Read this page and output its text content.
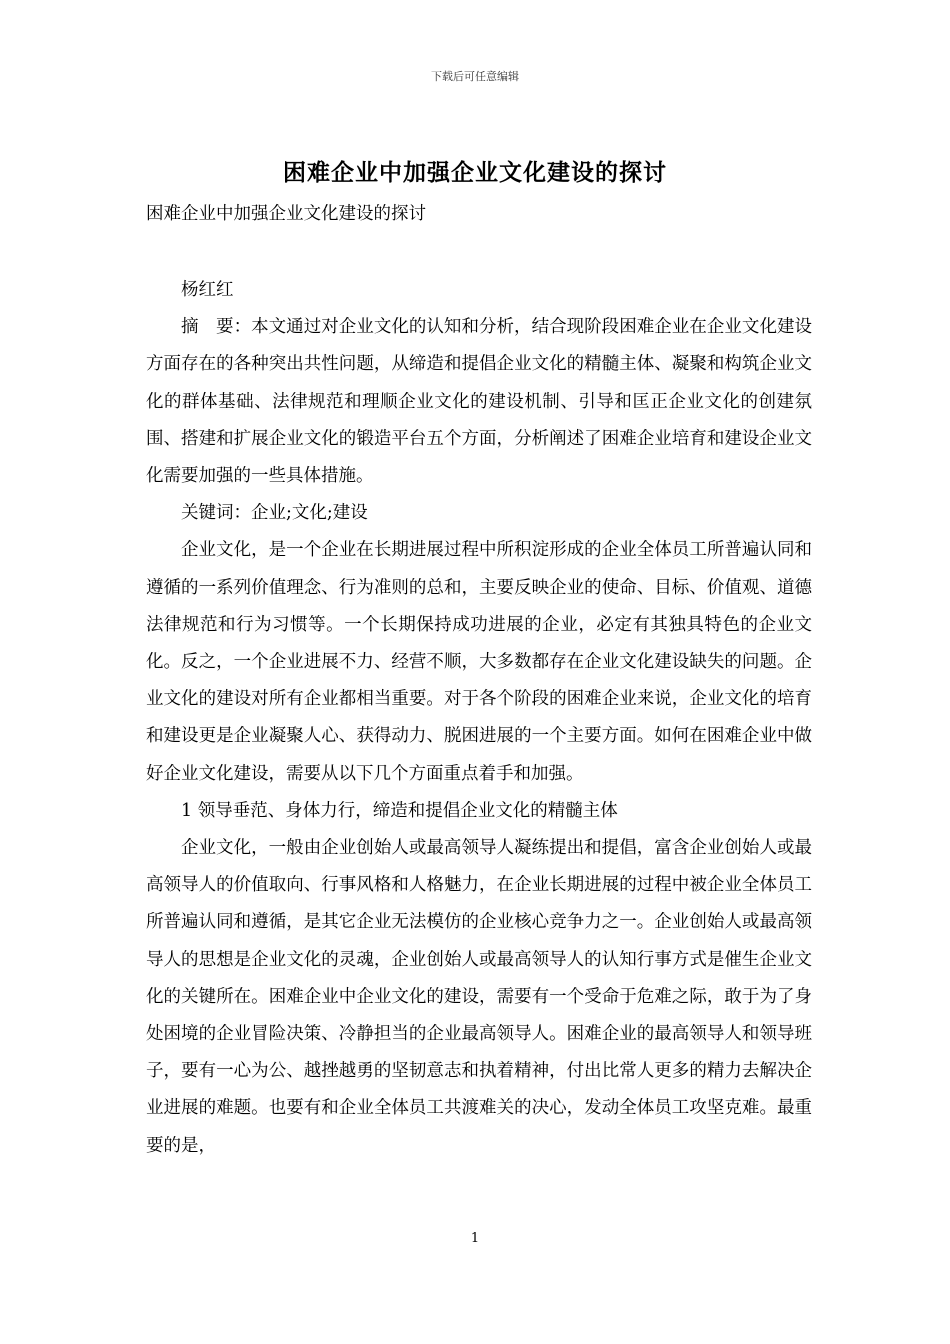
下载后可任意编辑
困难企业中加强企业文化建设的探讨
困难企业中加强企业文化建设的探讨

杨红红

摘　要：本文通过对企业文化的认知和分析，结合现阶段困难企业在企业文化建设方面存在的各种突出共性问题，从缔造和提倡企业文化的精髓主体、凝聚和构筑企业文化的群体基础、法律规范和理顺企业文化的建设机制、引导和匡正企业文化的创建氛围、搭建和扩展企业文化的锻造平台五个方面，分析阐述了困难企业培育和建设企业文化需要加强的一些具体措施。

关键词：企业;文化;建设

企业文化，是一个企业在长期进展过程中所积淀形成的企业全体员工所普遍认同和遵循的一系列价值理念、行为准则的总和，主要反映企业的使命、目标、价值观、道德法律规范和行为习惯等。一个长期保持成功进展的企业，必定有其独具特色的企业文化。反之，一个企业进展不力、经营不顺，大多数都存在企业文化建设缺失的问题。企业文化的建设对所有企业都相当重要。对于各个阶段的困难企业来说，企业文化的培育和建设更是企业凝聚人心、获得动力、脱困进展的一个主要方面。如何在困难企业中做好企业文化建设，需要从以下几个方面重点着手和加强。

1 领导垂范、身体力行，缔造和提倡企业文化的精髓主体

企业文化，一般由企业创始人或最高领导人凝练提出和提倡，富含企业创始人或最高领导人的价值取向、行事风格和人格魅力，在企业长期进展的过程中被企业全体员工所普遍认同和遵循，是其它企业无法模仿的企业核心竞争力之一。企业创始人或最高领导人的思想是企业文化的灵魂，企业创始人或最高领导人的认知行事方式是催生企业文化的关键所在。困难企业中企业文化的建设，需要有一个受命于危难之际，敢于为了身处困境的企业冒险决策、冷静担当的企业最高领导人。困难企业的最高领导人和领导班子，要有一心为公、越挫越勇的坚韧意志和执着精神，付出比常人更多的精力去解决企业进展的难题。也要有和企业全体员工共渡难关的决心，发动全体员工攻坚克难。最重要的是，

1
